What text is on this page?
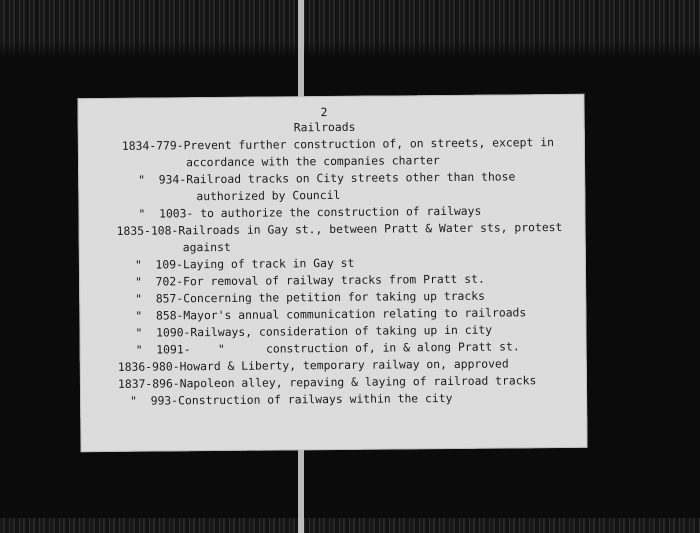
2
Railroads
1834-779-Prevent further construction of, on streets, except in
accordance with the companies charter
"  934-Railroad tracks on City streets other than those
authorized by Council
"  1003- to authorize the construction of railways
1835-108-Railroads in Gay st., between Pratt & Water sts, protest
against
"  109-Laying of track in Gay st
"  702-For removal of railway tracks from Pratt st.
"  857-Concerning the petition for taking up tracks
"  858-Mayor's annual communication relating to railroads
"  1090-Railways, consideration of taking up in city
"  1091-    "      construction of, in & along Pratt st.
1836-980-Howard & Liberty, temporary railway on, approved
1837-896-Napoleon alley, repaving & laying of railroad tracks
"  993-Construction of railways within the city
